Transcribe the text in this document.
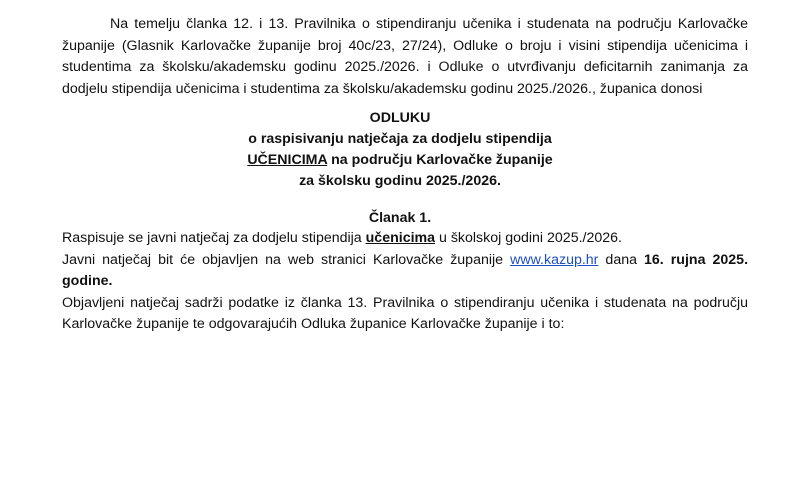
Na temelju članka 12. i 13. Pravilnika o stipendiranju učenika i studenata na području Karlovačke županije (Glasnik Karlovačke županije broj 40c/23, 27/24), Odluke o broju i visini stipendija učenicima i studentima za školsku/akademsku godinu 2025./2026. i Odluke o utvrđivanju deficitarnih zanimanja za dodjelu stipendija učenicima i studentima za školsku/akademsku godinu 2025./2026., županica donosi

ODLUKU
o raspisivanju natječaja za dodjelu stipendija
UČENICIMA na području Karlovačke županije
za školsku godinu 2025./2026.
Članak 1.

Raspisuje se javni natječaj za dodjelu stipendija učenicima u školskoj godini 2025./2026.

Javni natječaj bit će objavljen na web stranici Karlovačke županije www.kazup.hr dana 16. rujna 2025. godine.

Objavljeni natječaj sadrži podatke iz članka 13. Pravilnika o stipendiranju učenika i studenata na području Karlovačke županije te odgovarajućih Odluka županice Karlovačke županije i to:
